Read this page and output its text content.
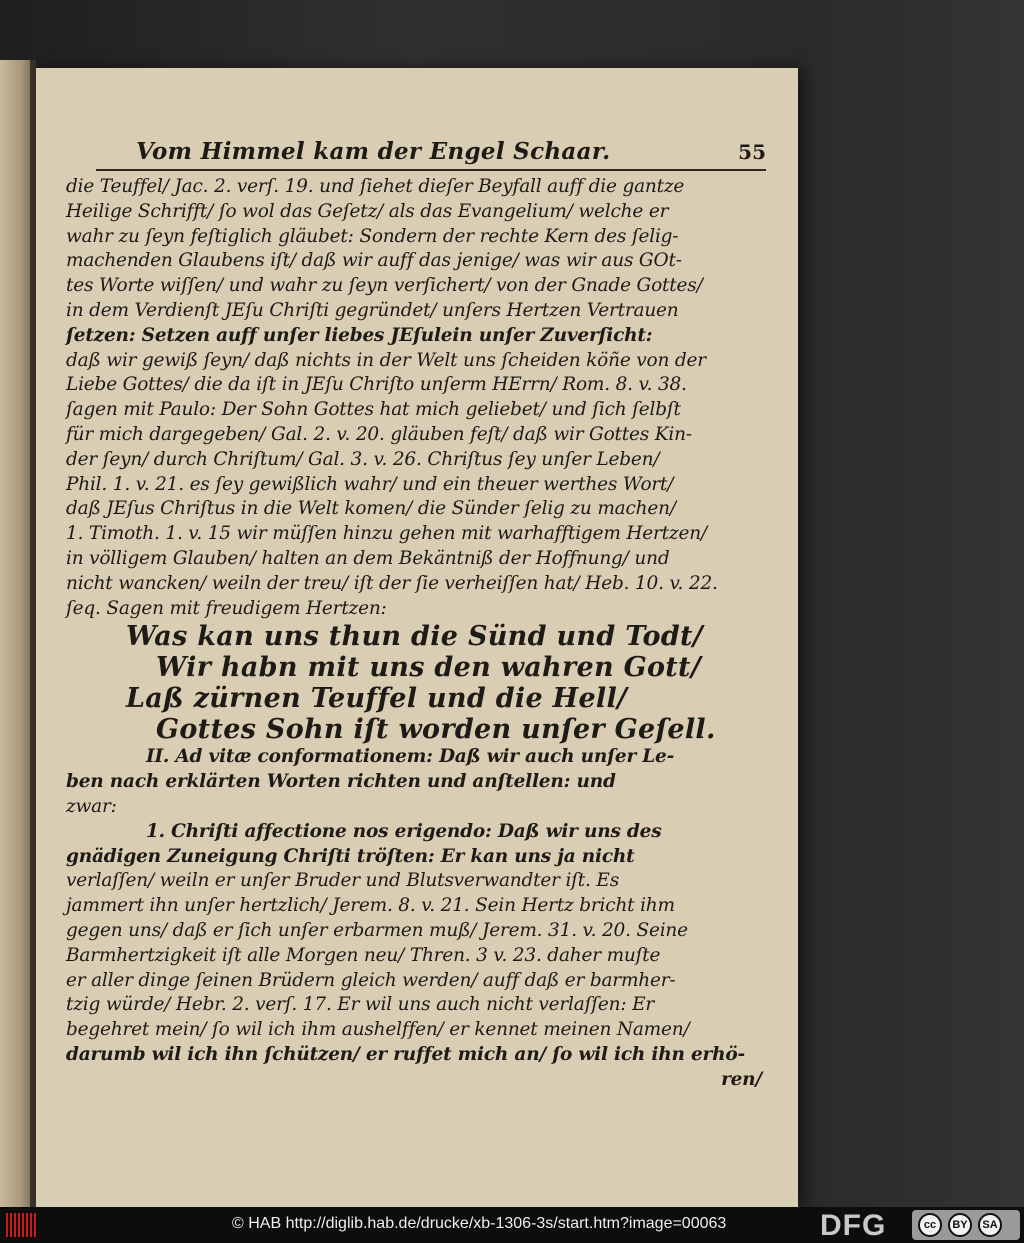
Vom Himmel kam der Engel Schaar.	55
die Teuffel/ Jac. 2. verſ. 19. und ſiehet dieſer Beyfall auff die gantze
Heilige Schrifft/ ſo wol das Geſetz/ als das Evangelium/ welche er
wahr zu ſeyn feſtiglich gläubet: Sondern der rechte Kern des ſelig-
machenden Glaubens iſt/ daß wir auff das jenige/ was wir aus GOt-
tes Worte wiſſen/ und wahr zu ſeyn verſichert/ von der Gnade Gottes/
in dem Verdienſt JEſu Chriſti gegründet/ unſers Hertzen Vertrauen
ſetzen: Setzen auff unſer liebes JEſulein unſer Zuverſicht:
daß wir gewiß ſeyn/ daß nichts in der Welt uns ſcheiden köñe von der
Liebe Gottes/ die da iſt in JEſu Chriſto unſerm HErrn/ Rom. 8. v. 38.
ſagen mit Paulo: Der Sohn Gottes hat mich geliebet/ und ſich ſelbſt
für mich dargegeben/ Gal. 2. v. 20. gläuben feſt/ daß wir Gottes Kin-
der ſeyn/ durch Chriſtum/ Gal. 3. v. 26. Chriſtus ſey unſer Leben/
Phil. 1. v. 21. es ſey gewißlich wahr/ und ein theuer werthes Wort/
daß JEſus Chriſtus in die Welt komen/ die Sünder ſelig zu machen/
1. Timoth. 1. v. 15 wir müſſen hinzu gehen mit warhafftigem Hertzen/
in völligem Glauben/ halten an dem Bekäntniß der Hoffnung/ und
nicht wancken/ weiln der treu/ iſt der ſie verheiſſen hat/ Heb. 10. v. 22.
ſeq. Sagen mit freudigem Hertzen:
Was kan uns thun die Sünd und Todt/
Wir habn mit uns den wahren Gott/
Laß zürnen Teuffel und die Hell/
Gottes Sohn iſt worden unſer Geſell.
II. Ad vitæ conformationem: Daß wir auch unſer Le-
ben nach erklärten Worten richten und anſtellen: und
zwar:
1. Chriſti affectione nos erigendo: Daß wir uns des
gnädigen Zuneigung Chriſti tröſten: Er kan uns ja nicht
verlaſſen/ weiln er unſer Bruder und Blutsverwandter iſt. Es
jammert ihn unſer hertzlich/ Jerem. 8. v. 21. Sein Hertz bricht ihm
gegen uns/ daß er ſich unſer erbarmen muß/ Jerem. 31. v. 20. Seine
Barmhertzigkeit iſt alle Morgen neu/ Thren. 3 v. 23. daher muſte
er aller dinge ſeinen Brüdern gleich werden/ auff daß er barmher-
tzig würde/ Hebr. 2. verſ. 17. Er wil uns auch nicht verlaſſen: Er
begehret mein/ ſo wil ich ihm aushelffen/ er kennet meinen Namen/
darumb wil ich ihn ſchützen/ er ruffet mich an/ ſo wil ich ihn erhö-
ren/
© HAB http://diglib.hab.de/drucke/xb-1306-3s/start.htm?image=00063	DFG	cc	BY	SA
